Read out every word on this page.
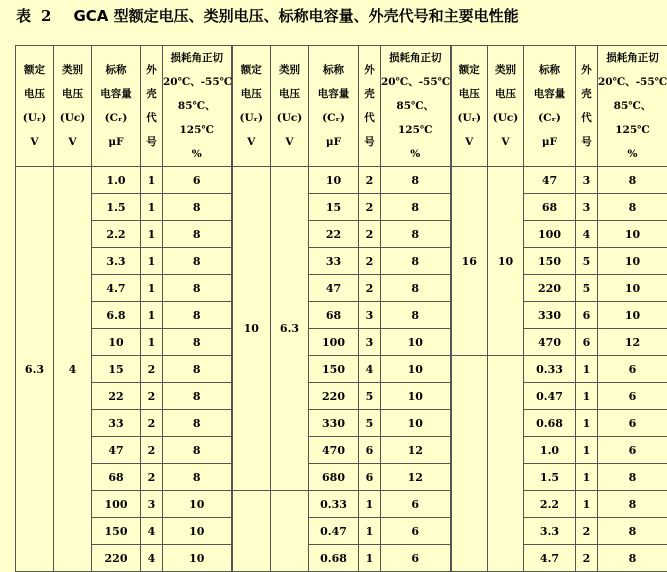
表 2 GCA 型额定电压、类别电压、标称电容量、外壳代号和主要电性能
额定
电压
(Uᵣ)
V	类别
电压
(Uc)
V	标称
电容量
(Cᵣ)
μF	外
壳
代
号	损耗角正切
20℃、-55℃
85℃、125℃
%	额定
电压
(Uᵣ)
V	类别
电压
(Uc)
V	标称
电容量
(Cᵣ)
μF	外
壳
代
号	损耗角正切
20℃、-55℃
85℃、125℃
%	额定
电压
(Uᵣ)
V	类别
电压
(Uc)
V	标称
电容量
(Cᵣ)
μF	外
壳
代
号	损耗角正切
20℃、-55℃
85℃、125℃
%

6.3	4	1.0	1	6	10	6.3	10	2	8	16	10	47	3	8
		1.5	1	8			15	2	8			68	3	8
		2.2	1	8			22	2	8			100	4	10
		3.3	1	8			33	2	8			150	5	10
		4.7	1	8			47	2	8			220	5	10
		6.8	1	8			68	3	8			330	6	10
		10	1	8			100	3	10			470	6	12
		15	2	8			150	4	10			0.33	1	6
		22	2	8			220	5	10			0.47	1	6
		33	2	8			330	5	10			0.68	1	6
		47	2	8			470	6	12			1.0	1	6
		68	2	8			680	6	12			1.5	1	8
		100	3	10			0.33	1	6			2.2	1	8
		150	4	10			0.47	1	6			3.3	2	8
		220	4	10			0.68	1	6			4.7	2	8
